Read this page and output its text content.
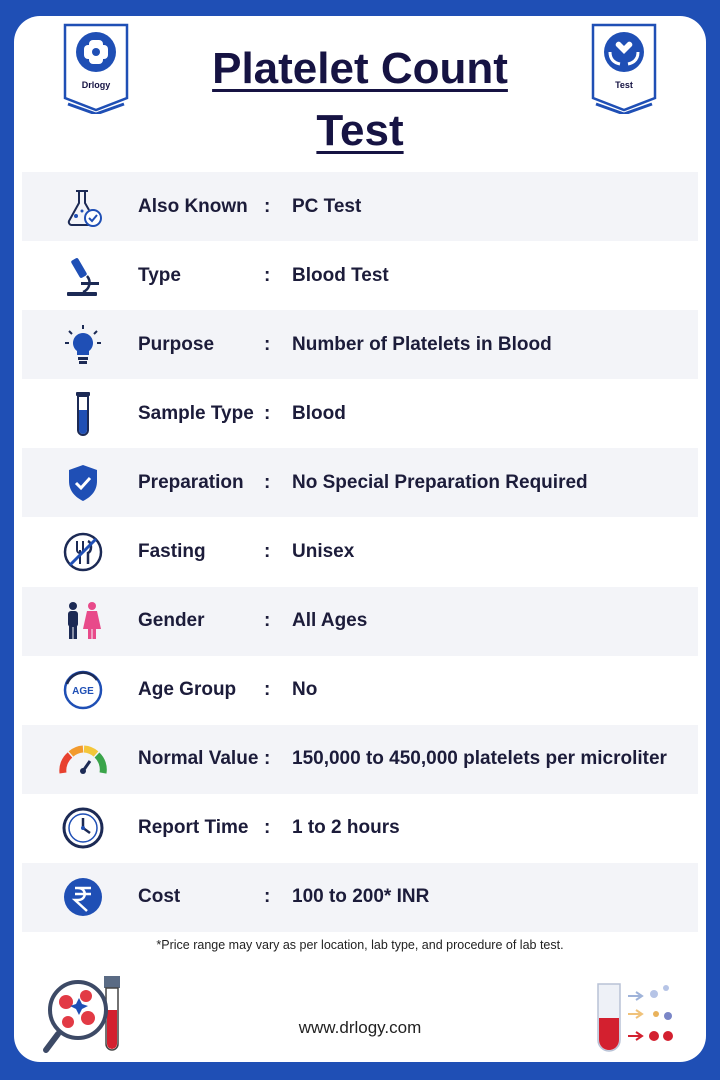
Drlogy	Test
Platelet Count
Test
Also Known :	PC Test
Type	:	Blood Test
Purpose	:	Number of Platelets in Blood
Sample Type :	Blood
Preparation	:	No Special Preparation Required
Fasting	:	Unisex
Gender	:	All Ages
AGE Age Group	:	No
Normal Value :	150,000 to 450,000 platelets per microliter
Report Time :	1 to 2 hours
Cost	:	100 to 200* INR
*Price range may vary as per location, lab type, and procedure of lab test.
www.drlogy.com
